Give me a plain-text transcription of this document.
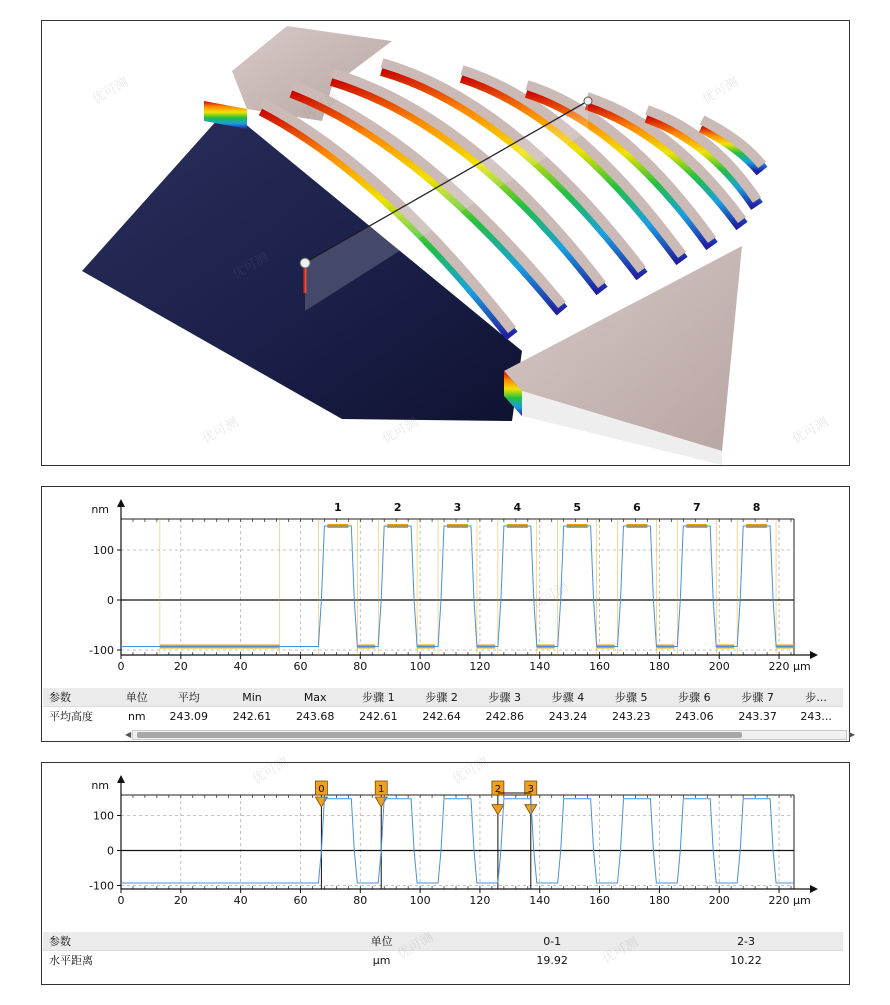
0	20	40	60	80	100	120	140	160	180	200	220 μm
-100
0
100
nm	1	2	3	4	5	6	7	8
参数	单位	平均	Min	Max	步骤 1	步骤 2	步骤 3	步骤 4	步骤 5	步骤 6	步骤 7	步...
平均高度	nm	243.09	242.61	243.68	242.61	242.64	242.86	243.24	243.23	243.06	243.37	243...
◀	▶
0	20	40	60	80	100	120	140	160	180	200	220 μm
-100
0
100
nm	0	1	2	3
参数	单位	0-1	2-3
水平距离	μm	19.92	10.22
